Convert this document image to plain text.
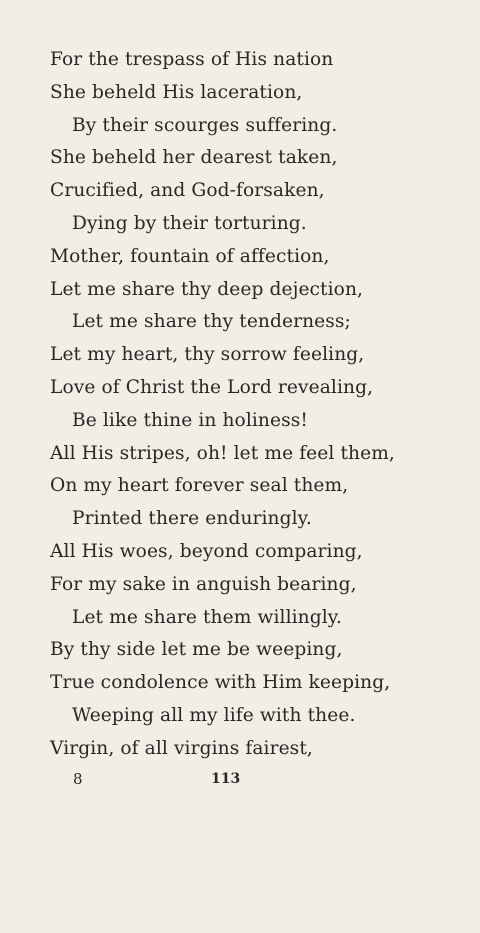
For the trespass of His nation
She beheld His laceration,
By their scourges suffering.
She beheld her dearest taken,
Crucified, and God-forsaken,
Dying by their torturing.
Mother, fountain of affection,
Let me share thy deep dejection,
Let me share thy tenderness;
Let my heart, thy sorrow feeling,
Love of Christ the Lord revealing,
Be like thine in holiness!
All His stripes, oh! let me feel them,
On my heart forever seal them,
Printed there enduringly.
All His woes, beyond comparing,
For my sake in anguish bearing,
Let me share them willingly.
By thy side let me be weeping,
True condolence with Him keeping,
Weeping all my life with thee.
Virgin, of all virgins fairest,
8	113
